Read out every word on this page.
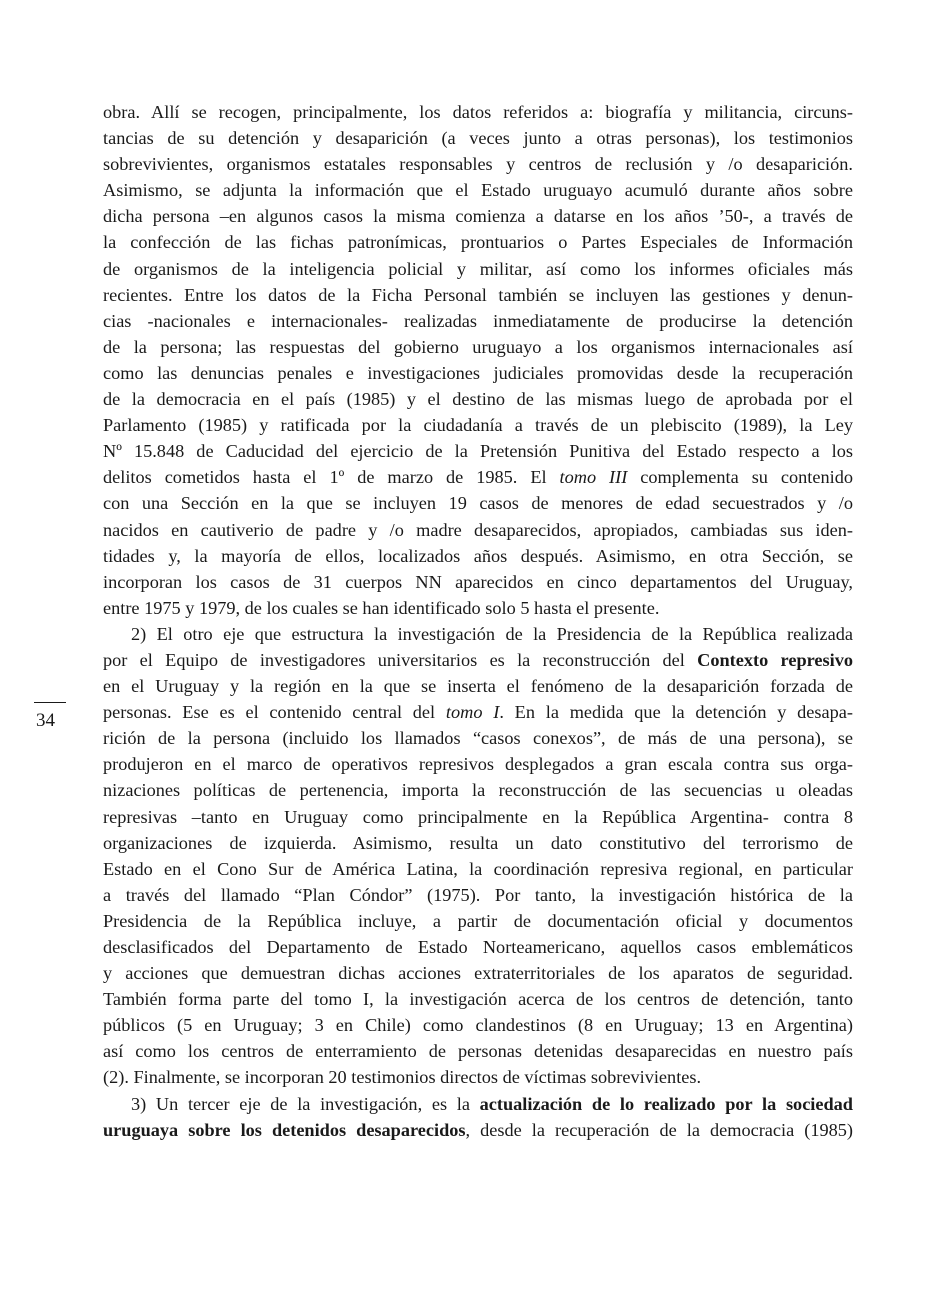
34
obra. Allí se recogen, principalmente, los datos referidos a: biografía y militancia, circuns-
tancias de su detención y desaparición (a veces junto a otras personas), los testimonios
sobrevivientes, organismos estatales responsables y centros de reclusión y /o desaparición.
Asimismo, se adjunta la información que el Estado uruguayo acumuló durante años sobre
dicha persona –en algunos casos la misma comienza a datarse en los años ’50-, a través de
la confección de las fichas patronímicas, prontuarios o Partes Especiales de Información
de organismos de la inteligencia policial y militar, así como los informes oficiales más
recientes. Entre los datos de la Ficha Personal también se incluyen las gestiones y denun-
cias -nacionales e internacionales- realizadas inmediatamente de producirse la detención
de la persona; las respuestas del gobierno uruguayo a los organismos internacionales así
como las denuncias penales e investigaciones judiciales promovidas desde la recuperación
de la democracia en el país (1985) y el destino de las mismas luego de aprobada por el
Parlamento (1985) y ratificada por la ciudadanía a través de un plebiscito (1989), la Ley
Nº 15.848 de Caducidad del ejercicio de la Pretensión Punitiva del Estado respecto a los
delitos cometidos hasta el 1º de marzo de 1985. El tomo III complementa su contenido
con una Sección en la que se incluyen 19 casos de menores de edad secuestrados y /o
nacidos en cautiverio de padre y /o madre desaparecidos, apropiados, cambiadas sus iden-
tidades y, la mayoría de ellos, localizados años después. Asimismo, en otra Sección, se
incorporan los casos de 31 cuerpos NN aparecidos en cinco departamentos del Uruguay,
entre 1975 y 1979, de los cuales se han identificado solo 5 hasta el presente.
2) El otro eje que estructura la investigación de la Presidencia de la República realizada
por el Equipo de investigadores universitarios es la reconstrucción del Contexto represivo
en el Uruguay y la región en la que se inserta el fenómeno de la desaparición forzada de
personas. Ese es el contenido central del tomo I. En la medida que la detención y desapa-
rición de la persona (incluido los llamados “casos conexos”, de más de una persona), se
produjeron en el marco de operativos represivos desplegados a gran escala contra sus orga-
nizaciones políticas de pertenencia, importa la reconstrucción de las secuencias u oleadas
represivas –tanto en Uruguay como principalmente en la República Argentina- contra 8
organizaciones de izquierda. Asimismo, resulta un dato constitutivo del terrorismo de
Estado en el Cono Sur de América Latina, la coordinación represiva regional, en particular
a través del llamado “Plan Cóndor” (1975). Por tanto, la investigación histórica de la
Presidencia de la República incluye, a partir de documentación oficial y documentos
desclasificados del Departamento de Estado Norteamericano, aquellos casos emblemáticos
y acciones que demuestran dichas acciones extraterritoriales de los aparatos de seguridad.
También forma parte del tomo I, la investigación acerca de los centros de detención, tanto
públicos (5 en Uruguay; 3 en Chile) como clandestinos (8 en Uruguay; 13 en Argentina)
así como los centros de enterramiento de personas detenidas desaparecidas en nuestro país
(2). Finalmente, se incorporan 20 testimonios directos de víctimas sobrevivientes.
3) Un tercer eje de la investigación, es la actualización de lo realizado por la sociedad
uruguaya sobre los detenidos desaparecidos, desde la recuperación de la democracia (1985)
